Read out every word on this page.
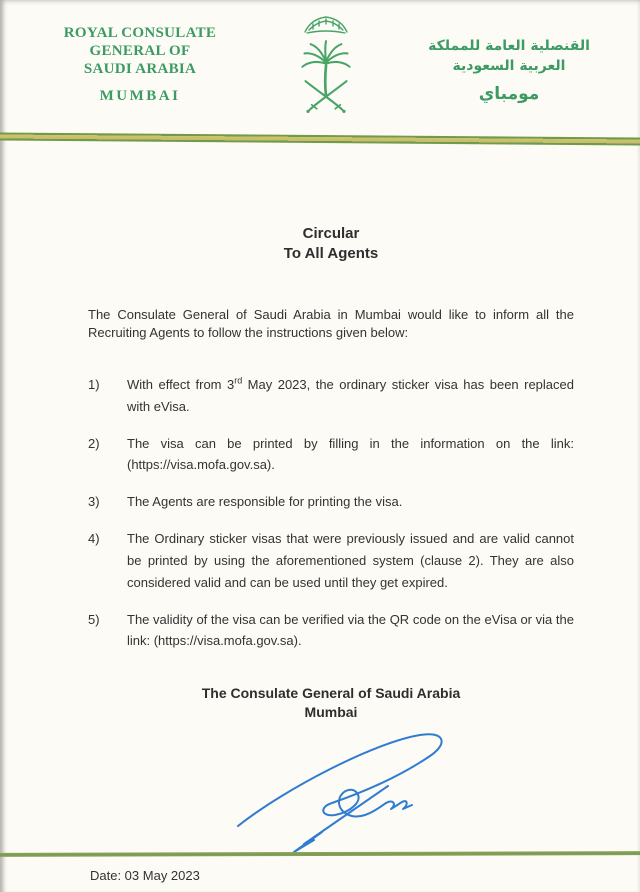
ROYAL CONSULATE GENERAL OF
SAUDI ARABIA
MUMBAI
القنصلية العامة للمملكة العربية السعودية
مومباي
Circular
To All Agents

The Consulate General of Saudi Arabia in Mumbai would like to inform all the Recruiting Agents to follow the instructions given below:

1)	With effect from 3rd May 2023, the ordinary sticker visa has been replaced with eVisa.
2)	The visa can be printed by filling in the information on the link: (https://visa.mofa.gov.sa).
3)	The Agents are responsible for printing the visa.
4)	The Ordinary sticker visas that were previously issued and are valid cannot be printed by using the aforementioned system (clause 2). They are also considered valid and can be used until they get expired.
5)	The validity of the visa can be verified via the QR code on the eVisa or via the link: (https://visa.mofa.gov.sa).
The Consulate General of Saudi Arabia
Mumbai
Date: 03 May 2023
